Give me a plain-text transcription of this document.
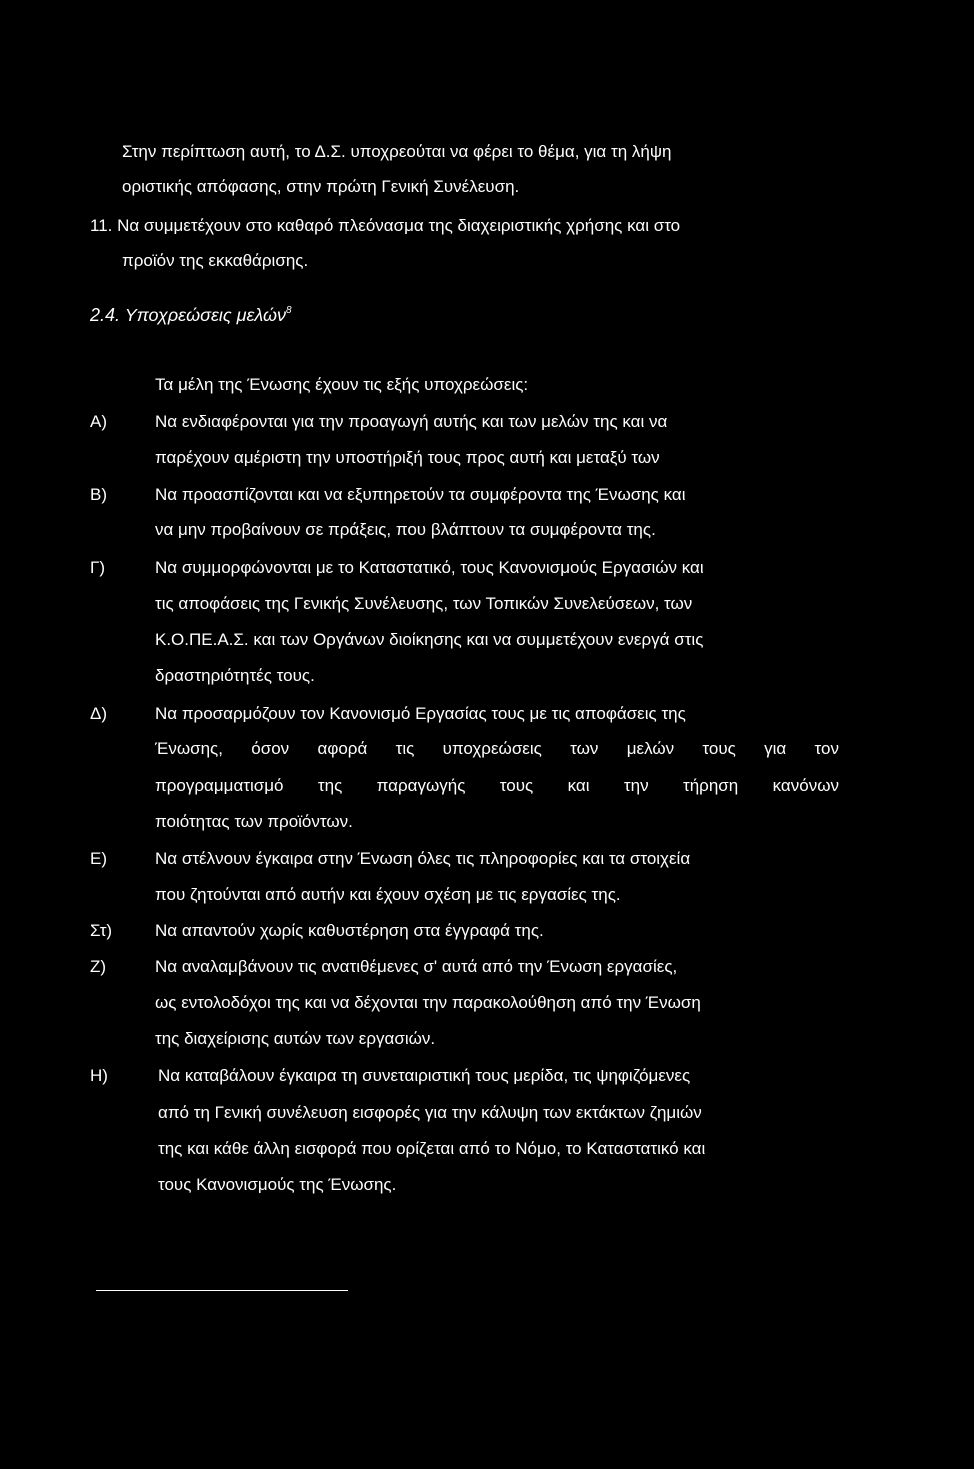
Στην περίπτωση αυτή, το Δ.Σ. υποχρεούται να φέρει το θέμα, για τη λήψη
οριστικής απόφασης, στην πρώτη Γενική Συνέλευση.
11. Να συμμετέχουν στο καθαρό πλεόνασμα της διαχειριστικής χρήσης και στο
προϊόν της εκκαθάρισης.
2.4. Υποχρεώσεις μελών$^8$
Τα μέλη της Ένωσης έχουν τις εξής υποχρεώσεις:
Α)	Να ενδιαφέρονται για την προαγωγή αυτής και των μελών της και να
παρέχουν αμέριστη την υποστήριξή τους προς αυτή και μεταξύ των
Β)	Να προασπίζονται και να εξυπηρετούν τα συμφέροντα της Ένωσης και
να μην προβαίνουν σε πράξεις, που βλάπτουν τα συμφέροντα της.
Γ)	Να συμμορφώνονται με το Καταστατικό, τους Κανονισμούς Εργασιών και
τις αποφάσεις της Γενικής Συνέλευσης, των Τοπικών Συνελεύσεων, των
Κ.Ο.ΠΕ.Α.Σ. και των Οργάνων διοίκησης και να συμμετέχουν ενεργά στις
δραστηριότητές τους.
Δ)	Να προσαρμόζουν τον Κανονισμό Εργασίας τους με τις αποφάσεις της
Ένωσης, όσον αφορά τις υποχρεώσεις των μελών τους για τον
προγραμματισμό της παραγωγής τους και την τήρηση κανόνων
ποιότητας των προϊόντων.
Ε)	Να στέλνουν έγκαιρα στην Ένωση όλες τις πληροφορίες και τα στοιχεία
που ζητούνται από αυτήν και έχουν σχέση με τις εργασίες της.
Στ)	Να απαντούν χωρίς καθυστέρηση στα έγγραφά της.
Ζ)	Να αναλαμβάνουν τις ανατιθέμενες σ' αυτά από την Ένωση εργασίες,
ως εντολοδόχοι της και να δέχονται την παρακολούθηση από την Ένωση
της διαχείρισης αυτών των εργασιών.
Η)	Να καταβάλουν έγκαιρα τη συνεταιριστική τους μερίδα, τις ψηφιζόμενες
από τη Γενική συνέλευση εισφορές για την κάλυψη των εκτάκτων ζημιών
της και κάθε άλλη εισφορά που ορίζεται από το Νόμο, το Καταστατικό και
τους Κανονισμούς της Ένωσης.
